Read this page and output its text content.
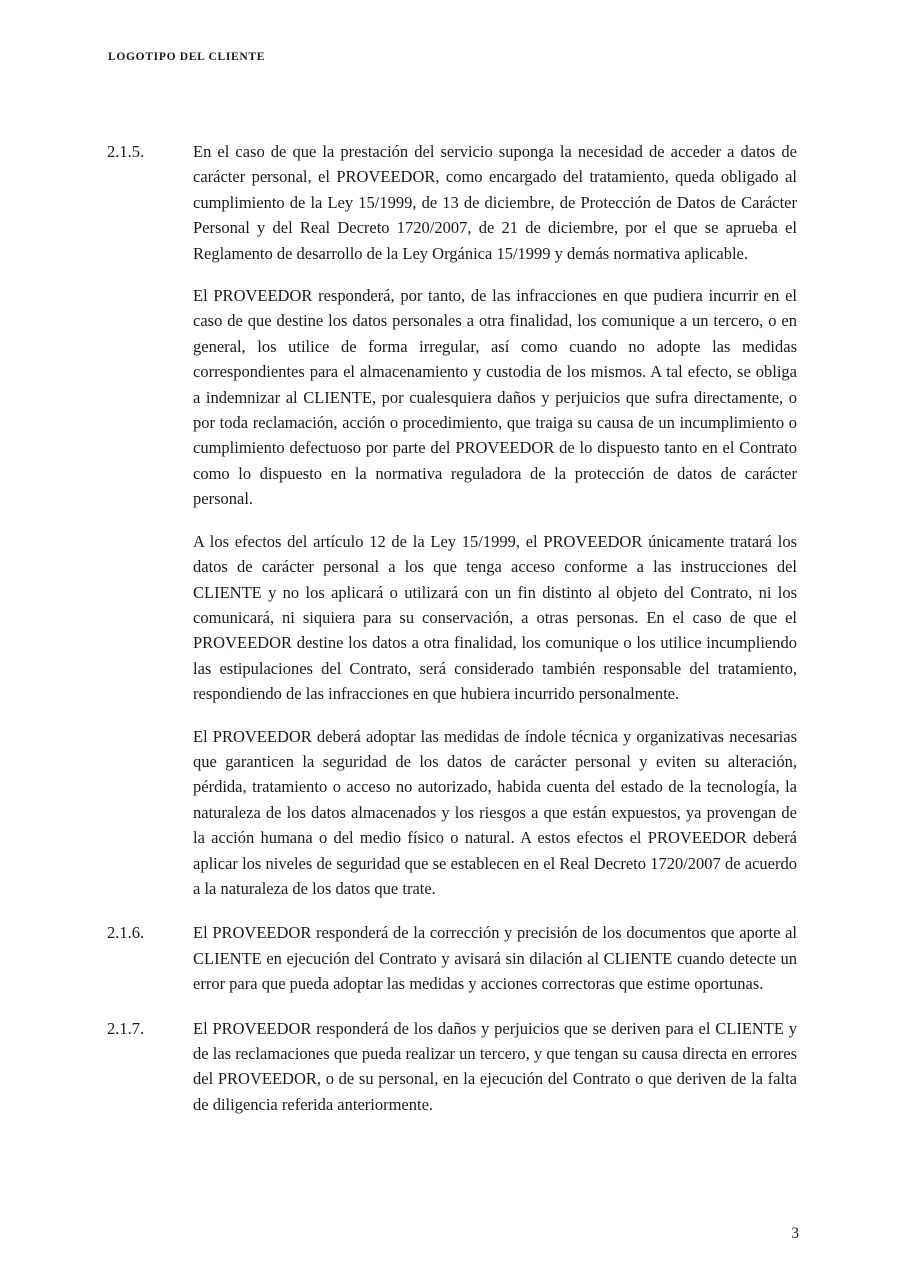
LOGOTIPO DEL CLIENTE
2.1.5.	En el caso de que la prestación del servicio suponga la necesidad de acceder a datos de carácter personal, el PROVEEDOR, como encargado del tratamiento, queda obligado al cumplimiento de la Ley 15/1999, de 13 de diciembre, de Protección de Datos de Carácter Personal y del Real Decreto 1720/2007, de 21 de diciembre, por el que se aprueba el Reglamento de desarrollo de la Ley Orgánica 15/1999 y demás normativa aplicable.

El PROVEEDOR responderá, por tanto, de las infracciones en que pudiera incurrir en el caso de que destine los datos personales a otra finalidad, los comunique a un tercero, o en general, los utilice de forma irregular, así como cuando no adopte las medidas correspondientes para el almacenamiento y custodia de los mismos. A tal efecto, se obliga a indemnizar al CLIENTE, por cualesquiera daños y perjuicios que sufra directamente, o por toda reclamación, acción o procedimiento, que traiga su causa de un incumplimiento o cumplimiento defectuoso por parte del PROVEEDOR de lo dispuesto tanto en el Contrato como lo dispuesto en la normativa reguladora de la protección de datos de carácter personal.

A los efectos del artículo 12 de la Ley 15/1999, el PROVEEDOR únicamente tratará los datos de carácter personal a los que tenga acceso conforme a las instrucciones del CLIENTE y no los aplicará o utilizará con un fin distinto al objeto del Contrato, ni los comunicará, ni siquiera para su conservación, a otras personas. En el caso de que el PROVEEDOR destine los datos a otra finalidad, los comunique o los utilice incumpliendo las estipulaciones del Contrato, será considerado también responsable del tratamiento, respondiendo de las infracciones en que hubiera incurrido personalmente.

El PROVEEDOR deberá adoptar las medidas de índole técnica y organizativas necesarias que garanticen la seguridad de los datos de carácter personal y eviten su alteración, pérdida, tratamiento o acceso no autorizado, habida cuenta del estado de la tecnología, la naturaleza de los datos almacenados y los riesgos a que están expuestos, ya provengan de la acción humana o del medio físico o natural. A estos efectos el PROVEEDOR deberá aplicar los niveles de seguridad que se establecen en el Real Decreto 1720/2007 de acuerdo a la naturaleza de los datos que trate.

2.1.6.	El PROVEEDOR responderá de la corrección y precisión de los documentos que aporte al CLIENTE en ejecución del Contrato y avisará sin dilación al CLIENTE cuando detecte un error para que pueda adoptar las medidas y acciones correctoras que estime oportunas.

2.1.7.	El PROVEEDOR responderá de los daños y perjuicios que se deriven para el CLIENTE y de las reclamaciones que pueda realizar un tercero, y que tengan su causa directa en errores del PROVEEDOR, o de su personal, en la ejecución del Contrato o que deriven de la falta de diligencia referida anteriormente.

3
